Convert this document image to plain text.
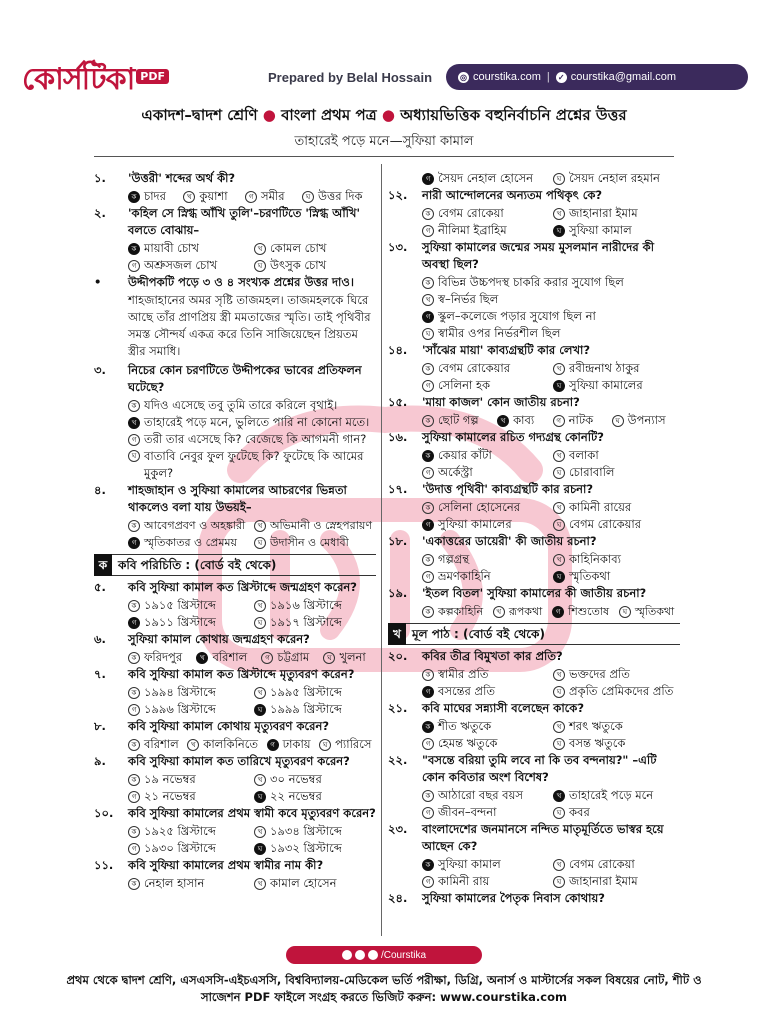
কোর্সটিকা PDF	Prepared by Belal Hossain	◎ courstika.com | ✓ courstika@gmail.com
একাদশ–দ্বাদশ শ্রেণি ● বাংলা প্রথম পত্র ● অধ্যায়ভিত্তিক বহুনির্বাচনি প্রশ্নের উত্তর
তাহারেই পড়ে মনে—সুফিয়া কামাল
১.	'উত্তরী' শব্দের অর্থ কী?
ক চাদর	খ কুয়াশা	গ সমীর	ঘ উত্তর দিক
২.	'কহিল সে স্নিগ্ধ আঁখি তুলি'–চরণটিতে 'স্নিগ্ধ আঁখি' বলতে বোঝায়–
ক মায়াবী চোখ	খ কোমল চোখ
গ অশ্রুসজল চোখ	ঘ উৎসুক চোখ
• উদ্দীপকটি পড়ে ৩ ও ৪ সংখ্যক প্রশ্নের উত্তর দাও।
শাহজাহানের অমর সৃষ্টি তাজমহল। তাজমহলকে ঘিরে আছে তাঁর প্রাণপ্রিয় স্ত্রী মমতাজের স্মৃতি। তাই পৃথিবীর সমস্ত সৌন্দর্য একত্র করে তিনি সাজিয়েছেন প্রিয়তম স্ত্রীর সমাধি।
৩.	নিচের কোন চরণটিতে উদ্দীপকের ভাবের প্রতিফলন ঘটেছে?
ক যদিও এসেছে তবু তুমি তারে করিলে বৃথাই।
খ তাহারেই পড়ে মনে, ভুলিতে পারি না কোনো মতে।
গ তরী তার এসেছে কি? বেজেছে কি আগমনী গান?
ঘ বাতাবি নেবুর ফুল ফুটেছে কি? ফুটেছে কি আমের মুকুল?
৪.	শাহজাহান ও সুফিয়া কামালের আচরণের ভিন্নতা থাকলেও বলা যায় উভয়ই–
ক আবেগপ্রবণ ও অহঙ্কারী	খ অভিমানী ও স্নেহপরায়ণ
গ স্মৃতিকাতর ও প্রেমময়	ঘ উদাসীন ও মেধাবী
ক কবি পরিচিতি : (বোর্ড বই থেকে)
৫.	কবি সুফিয়া কামাল কত খ্রিস্টাব্দে জন্মগ্রহণ করেন?
ক ১৯১৫ খ্রিস্টাব্দে	খ ১৯১৬ খ্রিস্টাব্দে
গ ১৯১১ খ্রিস্টাব্দে	ঘ ১৯১৭ খ্রিস্টাব্দে
৬.	সুফিয়া কামাল কোথায় জন্মগ্রহণ করেন?
ক ফরিদপুর	খ বরিশাল	গ চট্টগ্রাম	ঘ খুলনা
৭.	কবি সুফিয়া কামাল কত খ্রিস্টাব্দে মৃত্যুবরণ করেন?
ক ১৯৯৪ খ্রিস্টাব্দে	খ ১৯৯৫ খ্রিস্টাব্দে
গ ১৯৯৬ খ্রিস্টাব্দে	ঘ ১৯৯৯ খ্রিস্টাব্দে
৮.	কবি সুফিয়া কামাল কোথায় মৃত্যুবরণ করেন?
ক বরিশাল	খ কালকিনিতে	গ ঢাকায়	ঘ প্যারিসে
৯.	কবি সুফিয়া কামাল কত তারিখে মৃত্যুবরণ করেন?
ক ১৯ নভেম্বর	খ ৩০ নভেম্বর
গ ২১ নভেম্বর	ঘ ২২ নভেম্বর
১০.	কবি সুফিয়া কামালের প্রথম স্বামী কবে মৃত্যুবরণ করেন?
ক ১৯২৫ খ্রিস্টাব্দে	খ ১৯৩৪ খ্রিস্টাব্দে
গ ১৯৩০ খ্রিস্টাব্দে	ঘ ১৯৩২ খ্রিস্টাব্দে
১১.	কবি সুফিয়া কামালের প্রথম স্বামীর নাম কী?
ক নেহাল হাসান	খ কামাল হোসেন
গ সৈয়দ নেহাল হোসেন	ঘ সৈয়দ নেহাল রহমান
১২.	নারী আন্দোলনের অন্যতম পথিকৃৎ কে?
ক বেগম রোকেয়া	খ জাহানারা ইমাম
গ নীলিমা ইব্রাহিম	ঘ সুফিয়া কামাল
১৩.	সুফিয়া কামালের জন্মের সময় মুসলমান নারীদের কী অবস্থা ছিল?
ক বিভিন্ন উচ্চপদস্থ চাকরি করার সুযোগ ছিল
খ স্ব–নির্ভর ছিল
গ স্কুল–কলেজে পড়ার সুযোগ ছিল না
ঘ স্বামীর ওপর নির্ভরশীল ছিল
১৪.	'সাঁঝের মায়া' কাব্যগ্রন্থটি কার লেখা?
ক বেগম রোকেয়ার	খ রবীন্দ্রনাথ ঠাকুর
গ সেলিনা হক	ঘ সুফিয়া কামালের
১৫.	'মায়া কাজল' কোন জাতীয় রচনা?
ক ছোট গল্প	খ কাব্য	গ নাটক	ঘ উপন্যাস
১৬.	সুফিয়া কামালের রচিত গদ্যগ্রন্থ কোনটি?
ক কেয়ার কাঁটা	খ বলাকা
গ অর্কেস্ট্রা	ঘ চোরাবালি
১৭.	'উদাত্ত পৃথিবী' কাব্যগ্রন্থটি কার রচনা?
ক সেলিনা হোসেনের	খ কামিনী রায়ের
গ সুফিয়া কামালের	ঘ বেগম রোকেয়ার
১৮.	'একাত্তরের ডায়েরী' কী জাতীয় রচনা?
ক গল্পগ্রন্থ	খ কাহিনিকাব্য
গ ভ্রমণকাহিনি	ঘ স্মৃতিকথা
১৯.	'ইতল বিতল' সুফিয়া কামালের কী জাতীয় রচনা?
ক কল্পকাহিনি	খ রূপকথা	গ শিশুতোষ	ঘ স্মৃতিকথা
খ মূল পাঠ : (বোর্ড বই থেকে)
২০.	কবির তীব্র বিমুখতা কার প্রতি?
ক স্বামীর প্রতি	খ ভক্তদের প্রতি
গ বসন্তের প্রতি	ঘ প্রকৃতি প্রেমিকদের প্রতি
২১.	কবি মাঘের সন্ন্যাসী বলেছেন কাকে?
ক শীত ঋতুকে	খ শরৎ ঋতুকে
গ হেমন্ত ঋতুকে	ঘ বসন্ত ঋতুকে
২২.	"বসন্তে বরিয়া তুমি লবে না কি তব বন্দনায়?" –এটি কোন কবিতার অংশ বিশেষ?
ক আঠারো বছর বয়স	খ তাহারেই পড়ে মনে
গ জীবন–বন্দনা	ঘ কবর
২৩.	বাংলাদেশের জনমানসে নন্দিত মাতৃমূর্তিতে ভাস্বর হয়ে আছেন কে?
ক সুফিয়া কামাল	খ বেগম রোকেয়া
গ কামিনী রায়	ঘ জাহানারা ইমাম
২৪.	সুফিয়া কামালের পৈতৃক নিবাস কোথায়?
/Courstika
প্রথম থেকে দ্বাদশ শ্রেণি, এসএসসি-এইচএসসি, বিশ্ববিদ্যালয়-মেডিকেল ভর্তি পরীক্ষা, ডিগ্রি, অনার্স ও মাস্টার্সের সকল বিষয়ের নোট, শীট ও
সাজেশন PDF ফাইলে সংগ্রহ করতে ভিজিট করুন: www.courstika.com
